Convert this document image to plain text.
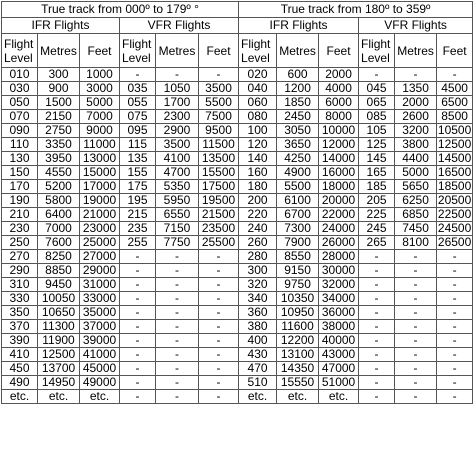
True track from 000º to 179º °						True track from 180º to 359º					
IFR Flights			VFR Flights			IFR Flights			VFR Flights		
Flight Level	Metres	Feet	Flight Level	Metres	Feet	Flight Level	Metres	Feet	Flight Level	Metres	Feet
010	300	1000	-	-	-	020	600	2000	-	-	-
030	900	3000	035	1050	3500	040	1200	4000	045	1350	4500
050	1500	5000	055	1700	5500	060	1850	6000	065	2000	6500
070	2150	7000	075	2300	7500	080	2450	8000	085	2600	8500
090	2750	9000	095	2900	9500	100	3050	10000	105	3200	10500
110	3350	11000	115	3500	11500	120	3650	12000	125	3800	12500
130	3950	13000	135	4100	13500	140	4250	14000	145	4400	14500
150	4550	15000	155	4700	15500	160	4900	16000	165	5000	16500
170	5200	17000	175	5350	17500	180	5500	18000	185	5650	18500
190	5800	19000	195	5950	19500	200	6100	20000	205	6250	20500
210	6400	21000	215	6550	21500	220	6700	22000	225	6850	22500
230	7000	23000	235	7150	23500	240	7300	24000	245	7450	24500
250	7600	25000	255	7750	25500	260	7900	26000	265	8100	26500
270	8250	27000	-	-	-	280	8550	28000	-	-	-
290	8850	29000	-	-	-	300	9150	30000	-	-	-
310	9450	31000	-	-	-	320	9750	32000	-	-	-
330	10050	33000	-	-	-	340	10350	34000	-	-	-
350	10650	35000	-	-	-	360	10950	36000	-	-	-
370	11300	37000	-	-	-	380	11600	38000	-	-	-
390	11900	39000	-	-	-	400	12200	40000	-	-	-
410	12500	41000	-	-	-	430	13100	43000	-	-	-
450	13700	45000	-	-	-	470	14350	47000	-	-	-
490	14950	49000	-	-	-	510	15550	51000	-	-	-
etc.	etc.	etc.	-	-	-	etc.	etc.	etc.	-	-	-
